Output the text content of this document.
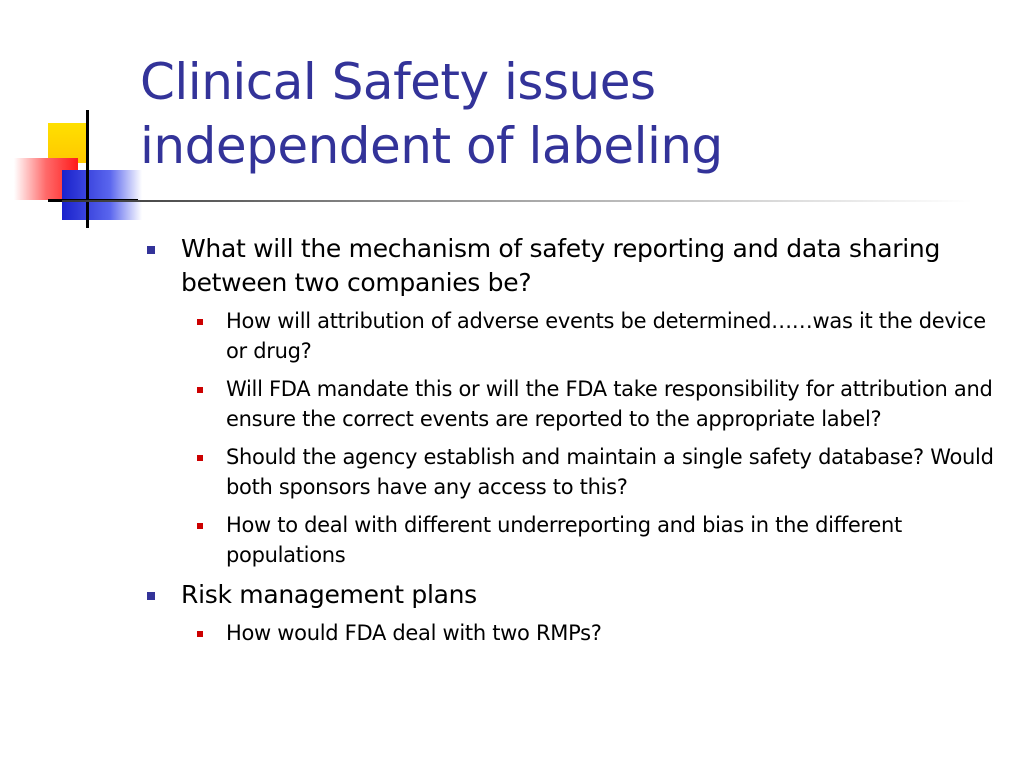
Clinical Safety issues
independent of labeling
What will the mechanism of safety reporting and data sharing between two companies be?
How will attribution of adverse events be determined……was it the device or drug?
Will FDA mandate this or will the FDA take responsibility for attribution and ensure the correct events are reported to the appropriate label?
Should the agency establish and maintain a single safety database? Would both sponsors have any access to this?
How to deal with different underreporting and bias in the different populations
Risk management plans
How would FDA deal with two RMPs?
